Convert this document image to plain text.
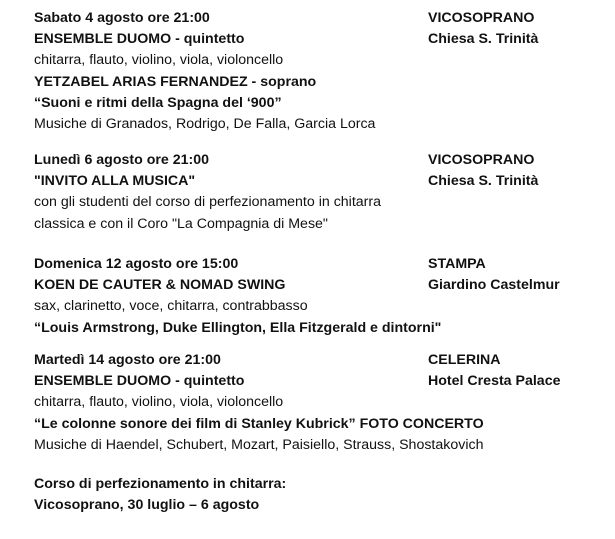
Sabato 4 agosto ore 21:00
ENSEMBLE DUOMO - quintetto
chitarra, flauto, violino, viola, violoncello
YETZABEL ARIAS FERNANDEZ - soprano
“Suoni e ritmi della Spagna del ‘900”
Musiche di Granados, Rodrigo, De Falla, Garcia Lorca
VICOSOPRANO
Chiesa S. Trinità
Lunedì 6 agosto ore 21:00
"INVITO ALLA MUSICA"
con gli studenti del corso di perfezionamento in chitarra
classica e con il Coro "La Compagnia di Mese"
VICOSOPRANO
Chiesa S. Trinità
Domenica 12 agosto ore 15:00
KOEN DE CAUTER & NOMAD SWING
sax, clarinetto, voce, chitarra, contrabbasso
“Louis Armstrong, Duke Ellington, Ella Fitzgerald e dintorni"
STAMPA
Giardino Castelmur
Martedì 14 agosto ore 21:00
ENSEMBLE DUOMO - quintetto
chitarra, flauto, violino, viola, violoncello
“Le colonne sonore dei film di Stanley Kubrick” FOTO CONCERTO
Musiche di Haendel, Schubert, Mozart, Paisiello, Strauss, Shostakovich
CELERINA
Hotel Cresta Palace
Corso di perfezionamento in chitarra:
Vicosoprano, 30 luglio – 6 agosto
